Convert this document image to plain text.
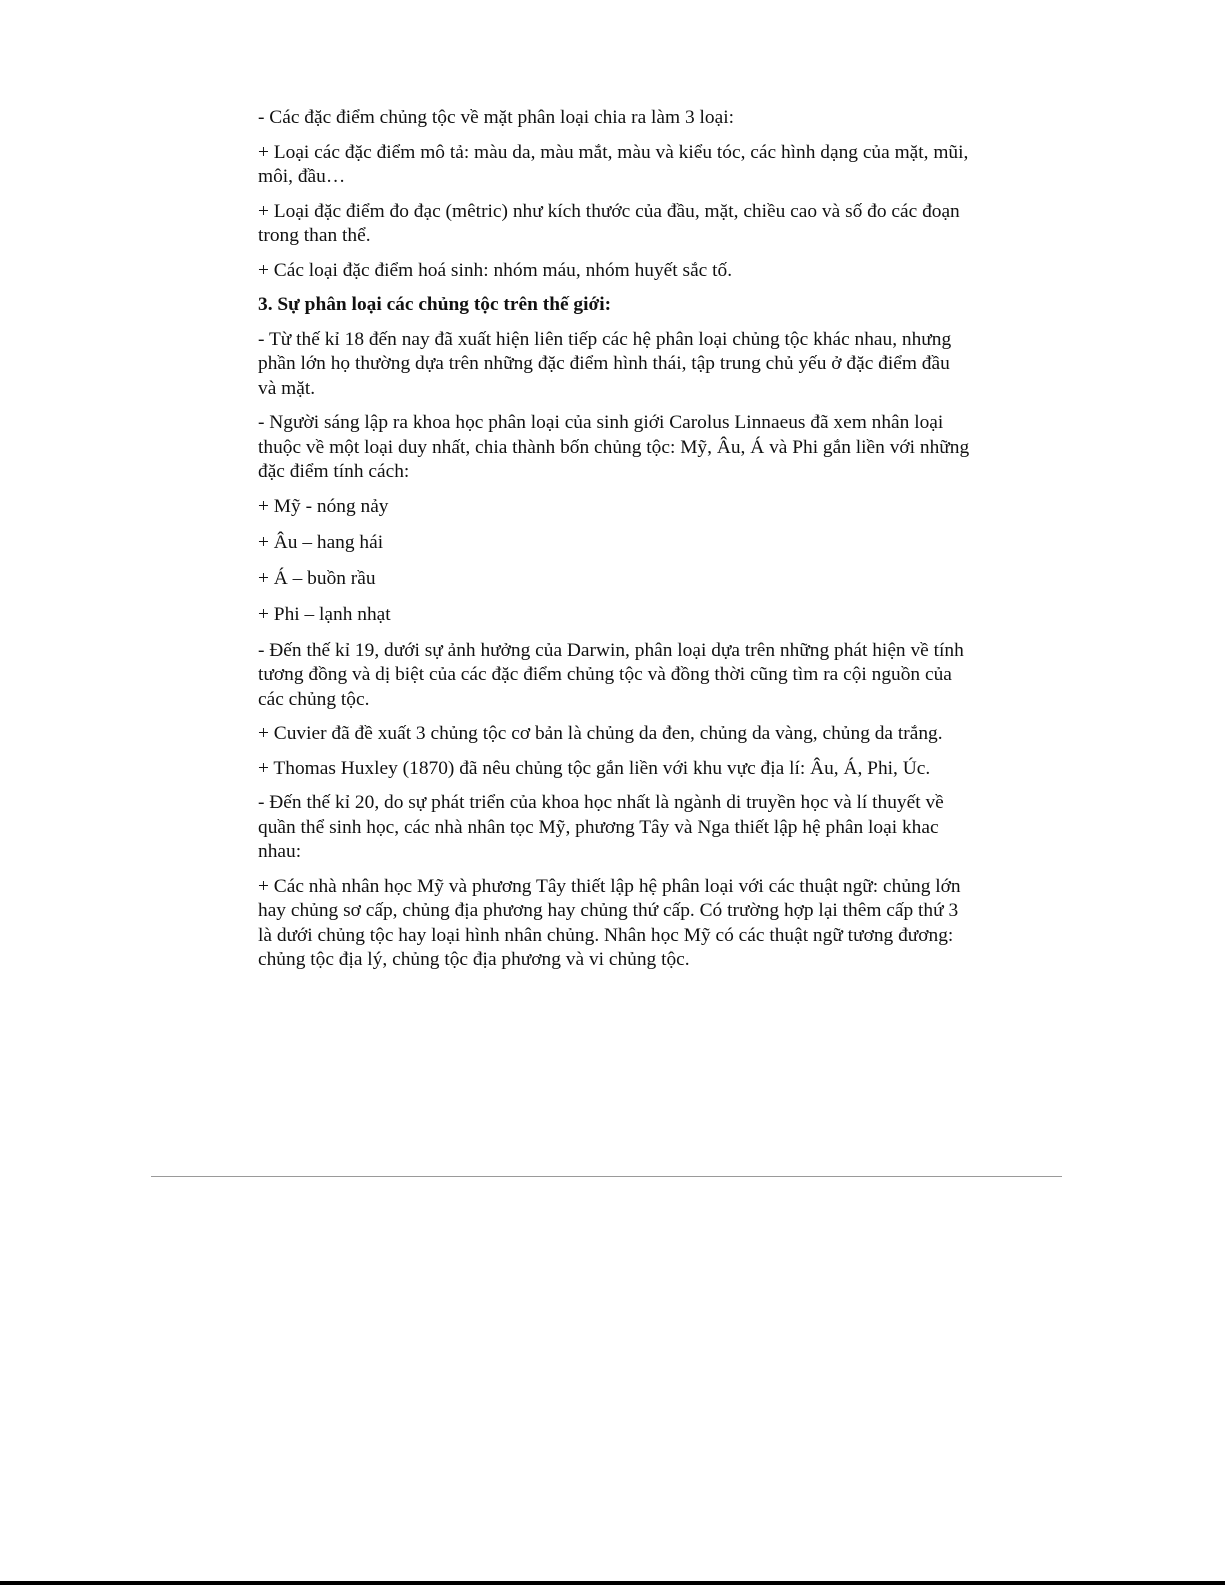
- Các đặc điểm chủng tộc về mặt phân loại chia ra làm 3 loại:

+ Loại các đặc điểm mô tả: màu da, màu mắt, màu và kiểu tóc, các hình dạng của mặt, mũi, môi, đầu…

+ Loại đặc điểm đo đạc (mêtric) như kích thước của đầu, mặt, chiều cao và số đo các đoạn trong than thể.

+ Các loại đặc điểm hoá sinh: nhóm máu, nhóm huyết sắc tố.

3. Sự phân loại các chủng tộc trên thế giới:

- Từ thế kỉ 18 đến nay đã xuất hiện liên tiếp các hệ phân loại chủng tộc khác nhau, nhưng phần lớn họ thường dựa trên những đặc điểm hình thái, tập trung chủ yếu ở đặc điểm đầu và mặt.

- Người sáng lập ra khoa học phân loại của sinh giới Carolus Linnaeus đã xem nhân loại thuộc về một loại duy nhất, chia thành bốn chủng tộc: Mỹ, Âu, Á và Phi gắn liền với những đặc điểm tính cách:

+ Mỹ - nóng nảy

+ Âu – hang hái

+ Á – buồn rầu

+ Phi – lạnh nhạt

- Đến thế kỉ 19, dưới sự ảnh hưởng của Darwin, phân loại dựa trên những phát hiện về tính tương đồng và dị biệt của các đặc điểm chủng tộc và đồng thời cũng tìm ra cội nguồn của các chủng tộc.

+ Cuvier đã đề xuất 3 chủng tộc cơ bản là chủng da đen, chủng da vàng, chủng da trắng.

+ Thomas Huxley (1870) đã nêu chủng tộc gắn liền với khu vực địa lí: Âu, Á, Phi, Úc.

- Đến thế kỉ 20, do sự phát triển của khoa học nhất là ngành di truyền học và lí thuyết về quần thể sinh học, các nhà nhân tọc Mỹ, phương Tây và Nga thiết lập hệ phân loại khac nhau:

+ Các nhà nhân học Mỹ và phương Tây thiết lập hệ phân loại với các thuật ngữ: chủng lớn hay chủng sơ cấp, chủng địa phương hay chủng thứ cấp. Có trường hợp lại thêm cấp thứ 3 là dưới chủng tộc hay loại hình nhân chủng. Nhân học Mỹ có các thuật ngữ tương đương: chủng tộc địa lý, chủng tộc địa phương và vi chủng tộc.
